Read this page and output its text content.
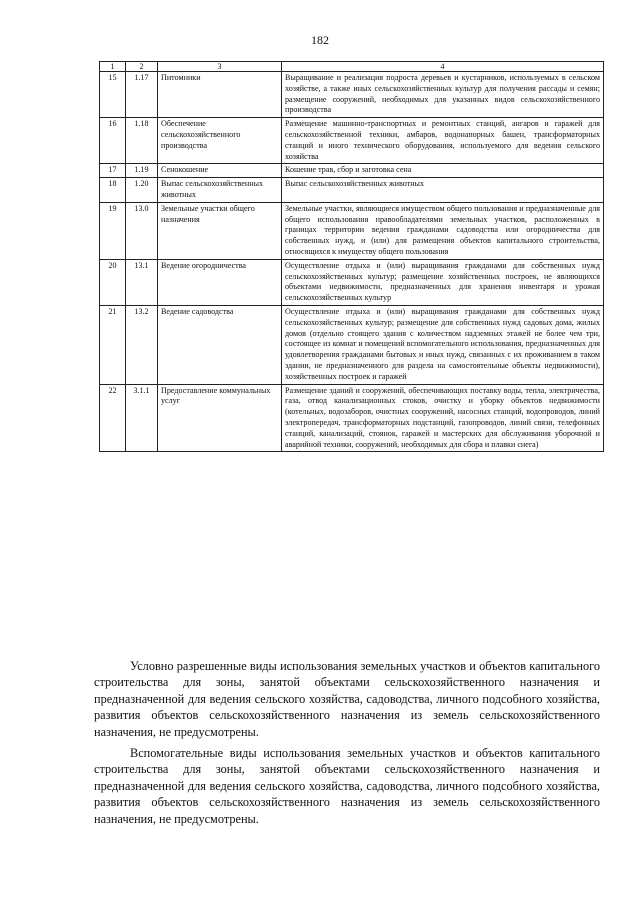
182
1	2	3	4
15	1.17	Питомники	Выращивание и реализация подроста деревьев и кустарников, используемых в сельском хозяйстве, а также иных сельскохозяйственных культур для получения рассады и семян; размещение сооружений, необходимых для указанных видов сельскохозяйственного производства
16	1.18	Обеспечение сельскохозяйственного производства	Размещение машинно-транспортных и ремонтных станций, ангаров и гаражей для сельскохозяйственной техники, амбаров, водонапорных башен, трансформаторных станций и иного технического оборудования, используемого для ведения сельского хозяйства
17	1.19	Сенокошение	Кошение трав, сбор и заготовка сена
18	1.20	Выпас сельскохозяйственных животных	Выпас сельскохозяйственных животных
19	13.0	Земельные участки общего назначения	Земельные участки, являющиеся имуществом общего пользования и предназначенные для общего использования правообладателями земельных участков, расположенных в границах территории ведения гражданами садоводства или огородничества для собственных нужд, и (или) для размещения объектов капитального строительства, относящихся к имуществу общего пользования
20	13.1	Ведение огородничества	Осуществление отдыха и (или) выращивания гражданами для собственных нужд сельскохозяйственных культур; размещение хозяйственных построек, не являющихся объектами недвижимости, предназначенных для хранения инвентаря и урожая сельскохозяйственных культур
21	13.2	Ведение садоводства	Осуществление отдыха и (или) выращивания гражданами для собственных нужд сельскохозяйственных культур; размещение для собственных нужд садовых дома, жилых домов (отдельно стоящего здания с количеством надземных этажей не более чем три, состоящее из комнат и помещений вспомогательного использования, предназначенных для удовлетворения гражданами бытовых и иных нужд, связанных с их проживанием в таком здании, не предназначенного для раздела на самостоятельные объекты недвижимости), хозяйственных построек и гаражей
22	3.1.1	Предоставление коммунальных услуг	Размещение зданий и сооружений, обеспечивающих поставку воды, тепла, электричества, газа, отвод канализационных стоков, очистку и уборку объектов недвижимости (котельных, водозаборов, очистных сооружений, насосных станций, водопроводов, линий электропередач, трансформаторных подстанций, газопроводов, линий связи, телефонных станций, канализаций, стоянок, гаражей и мастерских для обслуживания уборочной и аварийной техники, сооружений, необходимых для сбора и плавки снега)

Условно разрешенные виды использования земельных участков и объектов капитального строительства для зоны, занятой объектами сельскохозяйственного назначения и предназначенной для ведения сельского хозяйства, садоводства, личного подсобного хозяйства, развития объектов сельскохозяйственного назначения из земель сельскохозяйственного назначения, не предусмотрены.

Вспомогательные виды использования земельных участков и объектов капитального строительства для зоны, занятой объектами сельскохозяйственного назначения и предназначенной для ведения сельского хозяйства, садоводства, личного подсобного хозяйства, развития объектов сельскохозяйственного назначения из земель сельскохозяйственного назначения, не предусмотрены.
